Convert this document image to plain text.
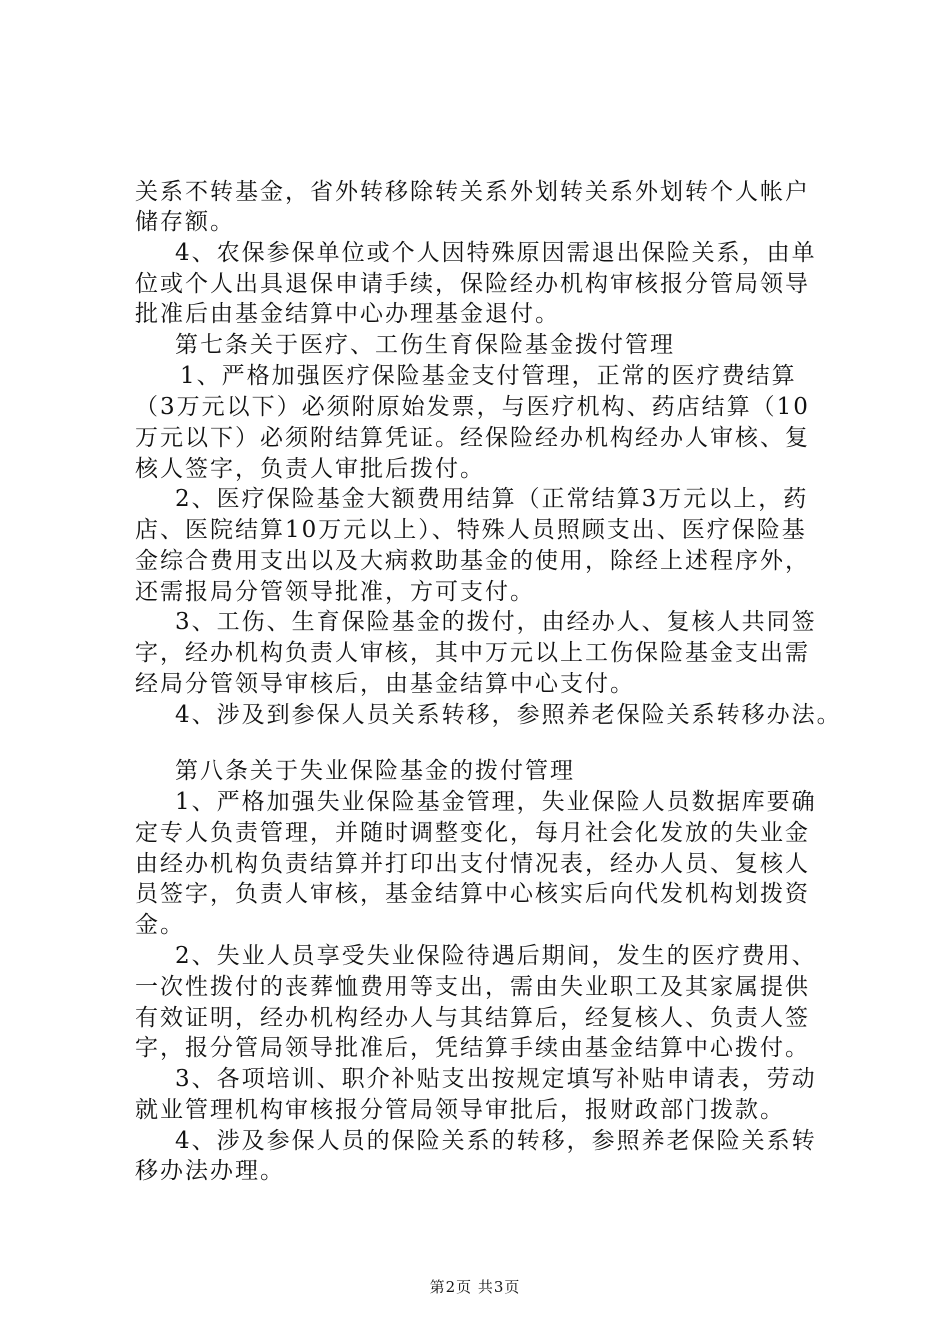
关系不转基金，省外转移除转关系外划转关系外划转个人帐户
储存额。
4、农保参保单位或个人因特殊原因需退出保险关系，由单
位或个人出具退保申请手续，保险经办机构审核报分管局领导
批准后由基金结算中心办理基金退付。
第七条关于医疗、工伤生育保险基金拨付管理
1、严格加强医疗保险基金支付管理，正常的医疗费结算
（3万元以下）必须附原始发票，与医疗机构、药店结算（10
万元以下）必须附结算凭证。经保险经办机构经办人审核、复
核人签字，负责人审批后拨付。
2、医疗保险基金大额费用结算（正常结算3万元以上，药
店、医院结算10万元以上）、特殊人员照顾支出、医疗保险基
金综合费用支出以及大病救助基金的使用，除经上述程序外，
还需报局分管领导批准，方可支付。
3、工伤、生育保险基金的拨付，由经办人、复核人共同签
字，经办机构负责人审核，其中万元以上工伤保险基金支出需
经局分管领导审核后，由基金结算中心支付。
4、涉及到参保人员关系转移，参照养老保险关系转移办法。
第八条关于失业保险基金的拨付管理
1、严格加强失业保险基金管理，失业保险人员数据库要确
定专人负责管理，并随时调整变化，每月社会化发放的失业金
由经办机构负责结算并打印出支付情况表，经办人员、复核人
员签字，负责人审核，基金结算中心核实后向代发机构划拨资
金。
2、失业人员享受失业保险待遇后期间，发生的医疗费用、
一次性拨付的丧葬恤费用等支出，需由失业职工及其家属提供
有效证明，经办机构经办人与其结算后，经复核人、负责人签
字，报分管局领导批准后，凭结算手续由基金结算中心拨付。
3、各项培训、职介补贴支出按规定填写补贴申请表，劳动
就业管理机构审核报分管局领导审批后，报财政部门拨款。
4、涉及参保人员的保险关系的转移，参照养老保险关系转
移办法办理。
第2页 共3页
